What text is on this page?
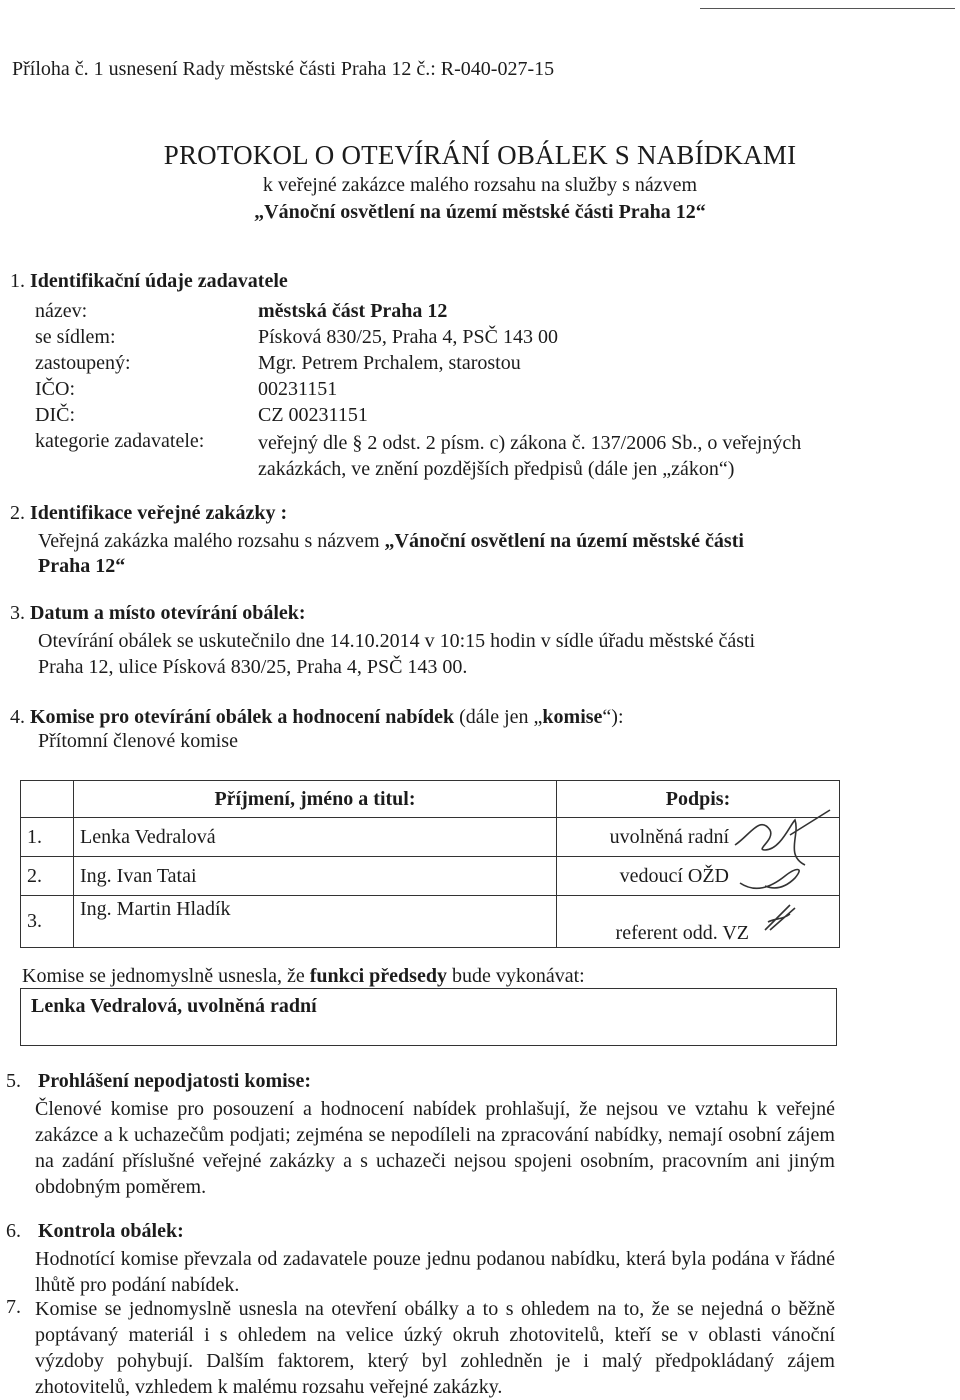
Příloha č. 1 usnesení Rady městské části Praha 12 č.: R-040-027-15
PROTOKOL O OTEVÍRÁNÍ OBÁLEK S NABÍDKAMI
k veřejné zakázce malého rozsahu na služby s názvem
„Vánoční osvětlení na území městské části Praha 12“
1. Identifikační údaje zadavatele
název:	městská část Praha 12
se sídlem:	Písková 830/25, Praha 4, PSČ 143 00
zastoupený:	Mgr. Petrem Prchalem, starostou
IČO:	00231151
DIČ:	CZ 00231151
kategorie zadavatele:	veřejný dle § 2 odst. 2 písm. c) zákona č. 137/2006 Sb., o veřejných
zakázkách, ve znění pozdějších předpisů (dále jen „zákon“)
2. Identifikace veřejné zakázky :
Veřejná zakázka malého rozsahu s názvem „Vánoční osvětlení na území městské části
Praha 12“
3. Datum a místo otevírání obálek:
Otevírání obálek se uskutečnilo dne 14.10.2014 v 10:15 hodin v sídle úřadu městské části
Praha 12, ulice Písková 830/25, Praha 4, PSČ 143 00.
4. Komise pro otevírání obálek a hodnocení nabídek (dále jen „komise“):
Přítomní členové komise
	Příjmení, jméno a titul:	Podpis:
1.	Lenka Vedralová	uvolněná radní
2.	Ing. Ivan Tatai	vedoucí OŽD
3.	Ing. Martin Hladík	referent odd. VZ
Komise se jednomyslně usnesla, že funkci předsedy bude vykonávat:
Lenka Vedralová, uvolněná radní
5. Prohlášení nepodjatosti komise:
Členové komise pro posouzení a hodnocení nabídek prohlašují, že nejsou ve vztahu k veřejné zakázce a k uchazečům podjati; zejména se nepodíleli na zpracování nabídky, nemají osobní zájem na zadání příslušné veřejné zakázky a s uchazeči nejsou spojeni osobním, pracovním ani jiným obdobným poměrem.
6. Kontrola obálek:
Hodnotící komise převzala od zadavatele pouze jednu podanou nabídku, která byla podána v řádné lhůtě pro podání nabídek.
7. Komise se jednomyslně usnesla na otevření obálky a to s ohledem na to, že se nejedná o běžně poptávaný materiál i s ohledem na velice úzký okruh zhotovitelů, kteří se v oblasti vánoční výzdoby pohybují. Dalším faktorem, který byl zohledněn je i malý předpokládaný zájem zhotovitelů, vzhledem k malému rozsahu veřejné zakázky.
